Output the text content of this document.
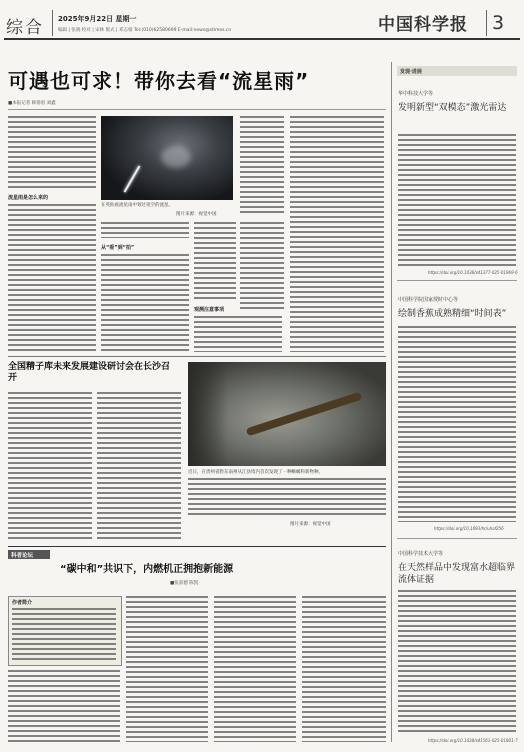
综合 2025年9月22日 星期一
编辑 | 张晓 校对 | 宋林 版式 | 邓志娟 Tel:(010)62580699 E-mail:news@stimes.cn	中国科学报 3
可遇也可求！带你去看“流星雨”
■本报记者 韩扬眉 刘鑫
流星雨是怎么来的
在英仙座流星雨中划过夜空的流星。
图片来源：视觉中国
从“看”到“拍”
观测注意事项
发现·进展
华中科技大学等
发明新型“双模态”激光雷达
https://doi.org/10.1038/s41377-025-01969-6
中国科学院国家授时中心等
绘制香蕉成熟精细“时间表”
https://doi.org/10.1093/hr/uhaf256
中国科学技术大学等
在天然样品中发现富水超临界流体证据
https://doi.org/10.1038/s41561-025-01801-7
全国精子库未来发展建设研讨会在长沙召开
近日，在贵州省黔东南州从江县境内首次发现了一种蜥蜴科新物种。
图片来源：视觉中国
科者论坛
“碳中和”共识下，内燃机正拥抱新能源
■张富德 陈凯
作者简介
